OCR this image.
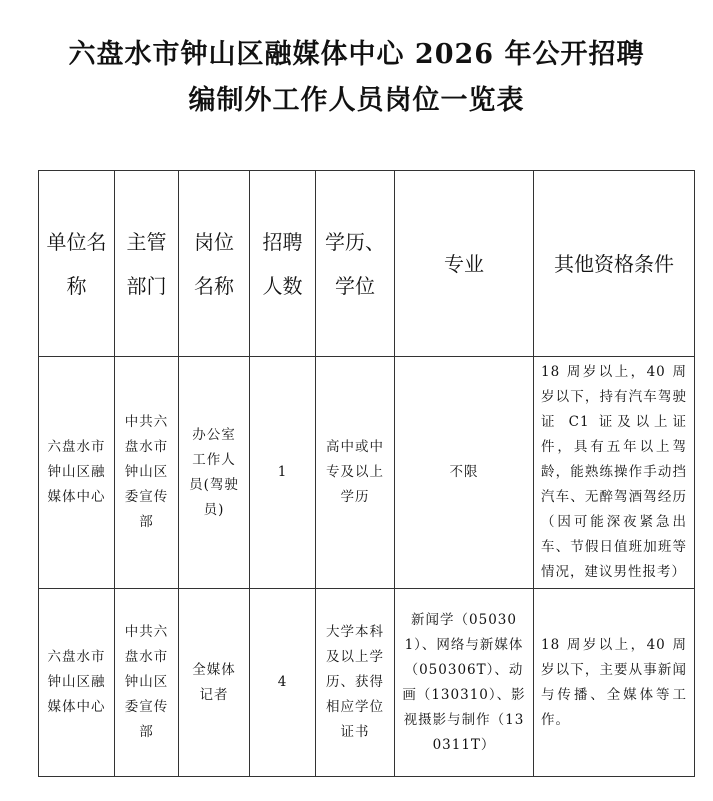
六盘水市钟山区融媒体中心 2026 年公开招聘
编制外工作人员岗位一览表
单位名称	主管部门	岗位名称	招聘人数	学历、学位	专业	其他资格条件

六盘水市钟山区融媒体中心	中共六盘水市钟山区委宣传部	办公室工作人员(驾驶员)	1	高中或中专及以上学历	不限	18 周岁以上，40 周岁以下，持有汽车驾驶证 C1 证及以上证件，具有五年以上驾龄，能熟练操作手动挡汽车、无醉驾酒驾经历（因可能深夜紧急出车、节假日值班加班等情况，建议男性报考）

六盘水市钟山区融媒体中心	中共六盘水市钟山区委宣传部	全媒体记者	4	大学本科及以上学历、获得相应学位证书	新闻学（050301）、网络与新媒体（050306T）、动画（130310）、影视摄影与制作（130311T）	18 周岁以上，40 周岁以下，主要从事新闻与传播、全媒体等工作。
